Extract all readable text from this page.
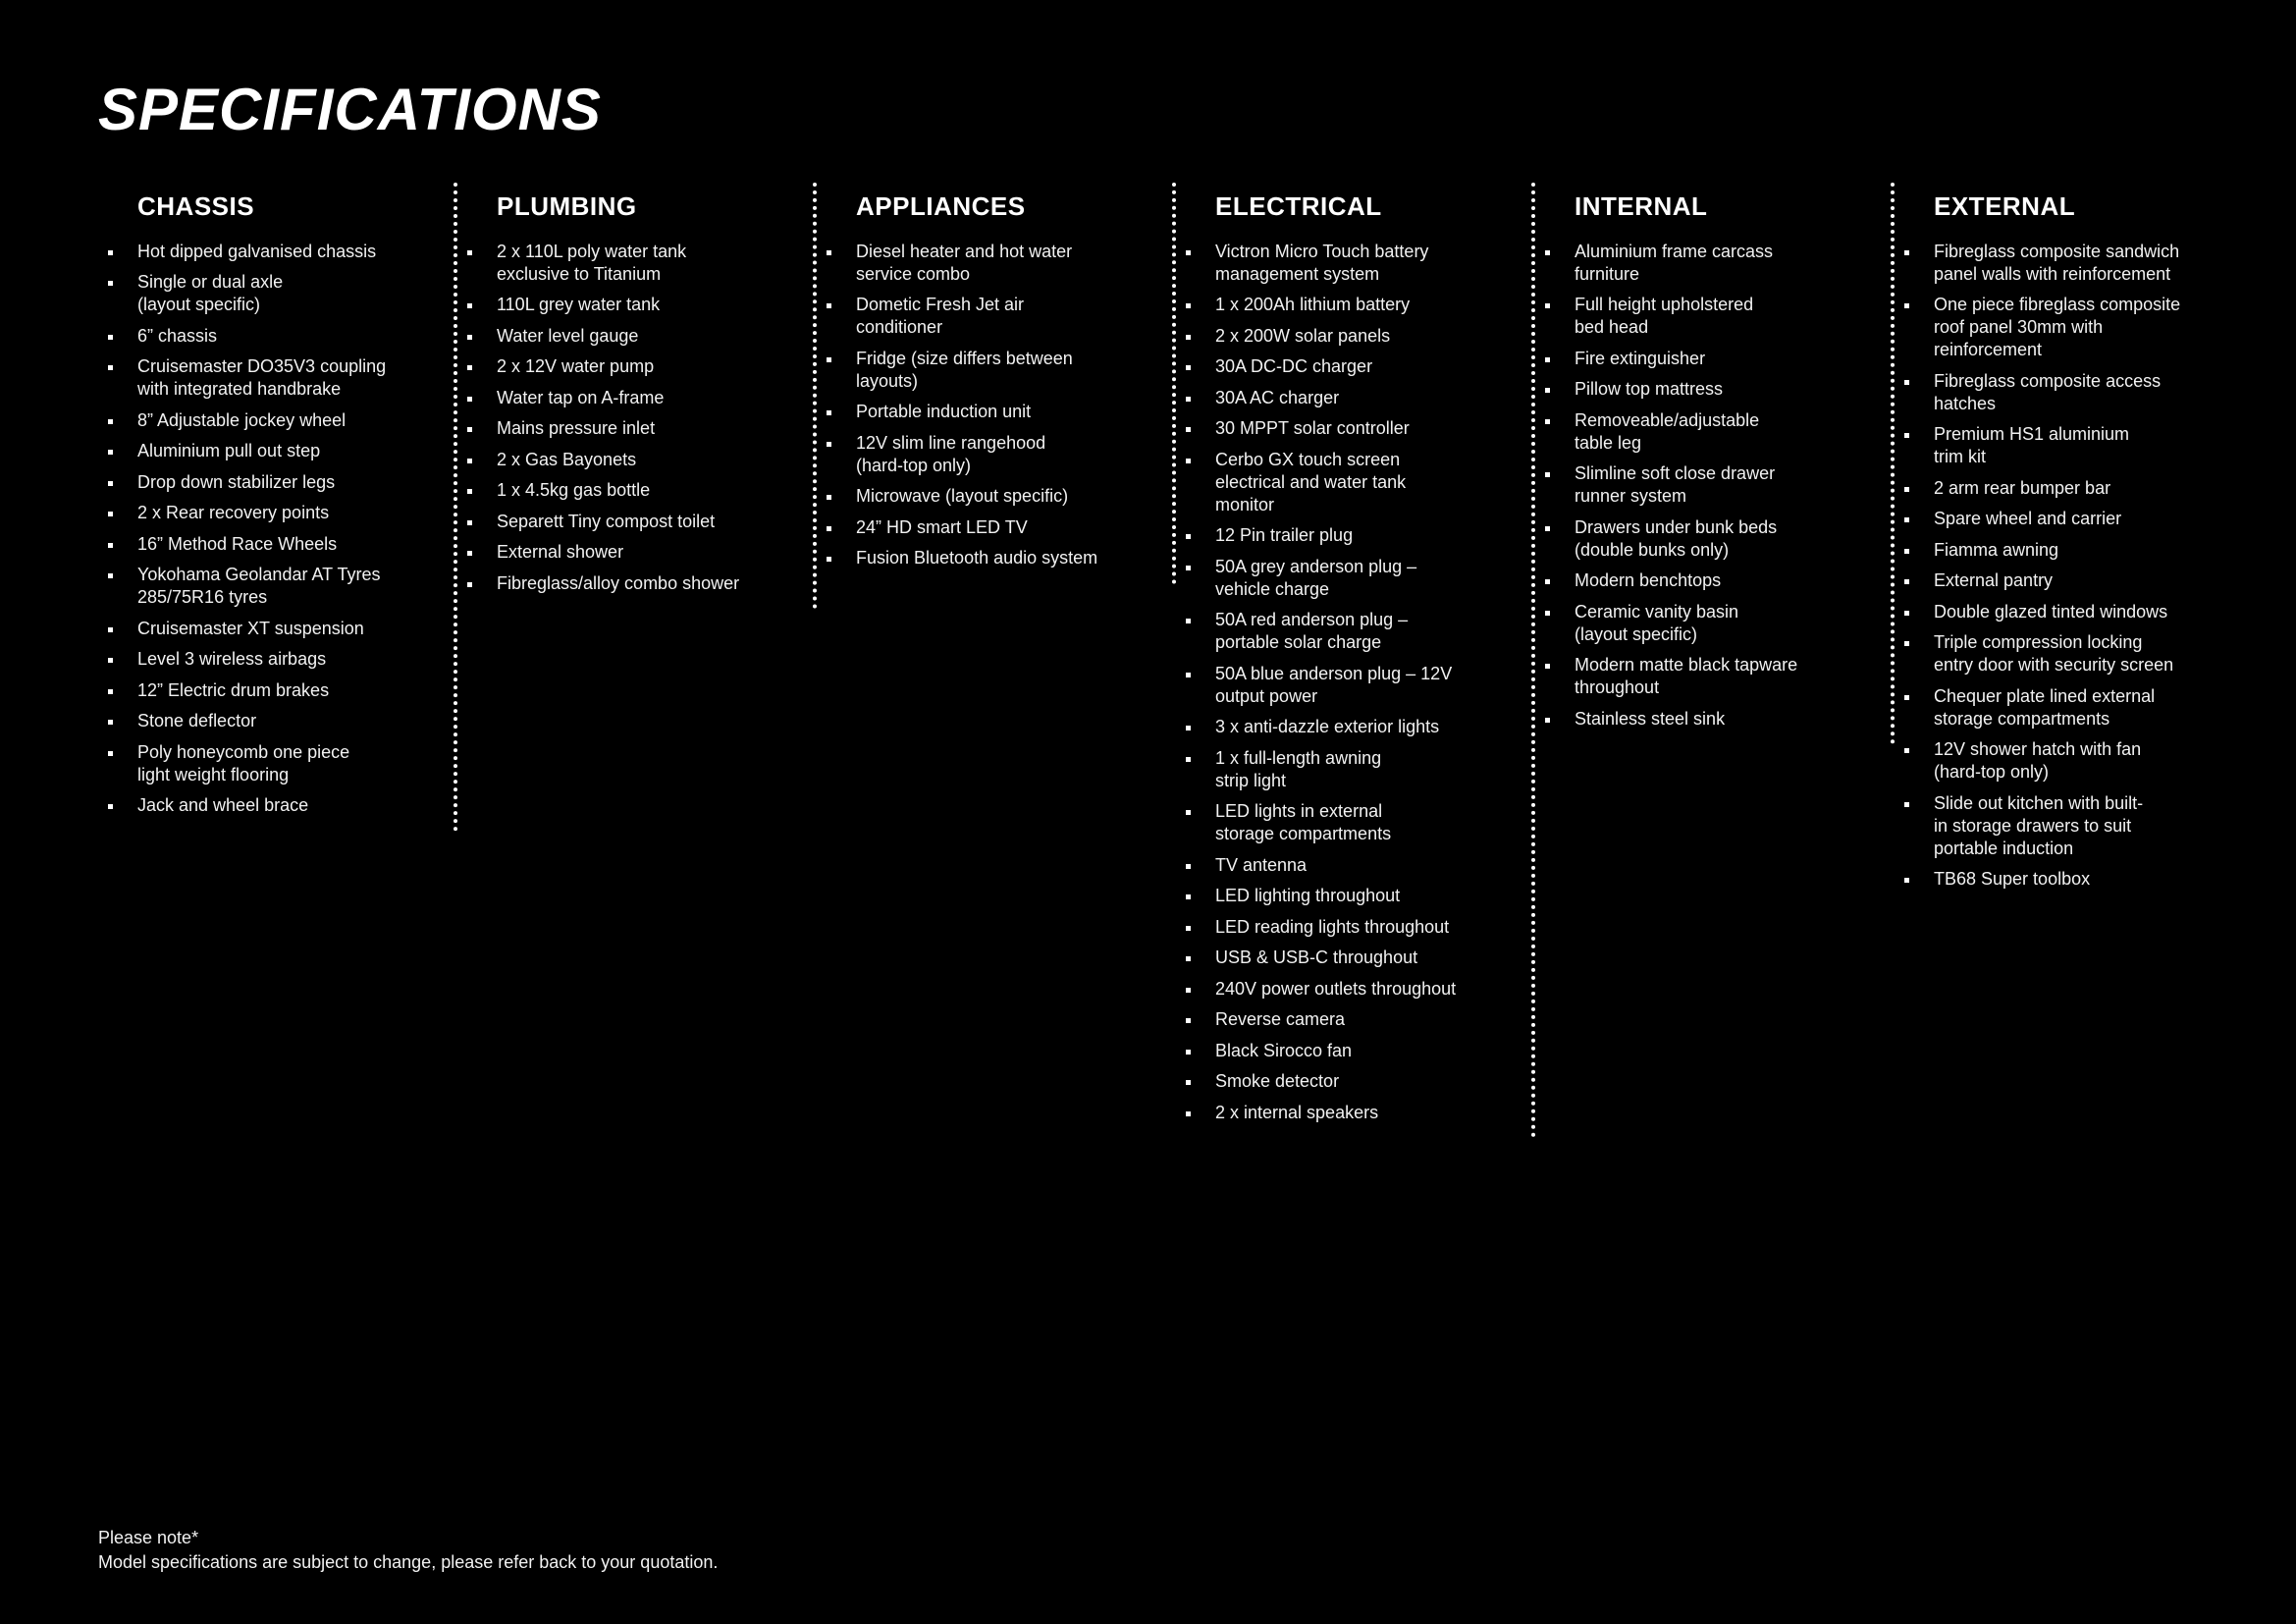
SPECIFICATIONS
CHASSIS
Hot dipped galvanised chassis
Single or dual axle
(layout specific)
6” chassis
Cruisemaster DO35V3 coupling
with integrated handbrake
8” Adjustable jockey wheel
Aluminium pull out step
Drop down stabilizer legs
2 x Rear recovery points
16” Method Race Wheels
Yokohama Geolandar AT Tyres
285/75R16 tyres
Cruisemaster XT suspension
Level 3 wireless airbags
12” Electric drum brakes
Stone deflector
Poly honeycomb one piece
light weight flooring
Jack and wheel brace
PLUMBING
2 x 110L poly water tank
exclusive to Titanium
110L grey water tank
Water level gauge
2 x 12V water pump
Water tap on A-frame
Mains pressure inlet
2 x Gas Bayonets
1 x 4.5kg gas bottle
Separett Tiny compost toilet
External shower
Fibreglass/alloy combo shower
APPLIANCES
Diesel heater and hot water
service combo
Dometic Fresh Jet air
conditioner
Fridge (size differs between
layouts)
Portable induction unit
12V slim line rangehood
(hard-top only)
Microwave (layout specific)
24” HD smart LED TV
Fusion Bluetooth audio system
ELECTRICAL
Victron Micro Touch battery
management system
1 x 200Ah lithium battery
2 x 200W solar panels
30A DC-DC charger
30A AC charger
30 MPPT solar controller
Cerbo GX touch screen
electrical and water tank
monitor
12 Pin trailer plug
50A grey anderson plug –
vehicle charge
50A red anderson plug –
portable solar charge
50A blue anderson plug – 12V
output power
3 x anti-dazzle exterior lights
1 x full-length awning
strip light
LED lights in external
storage compartments
TV antenna
LED lighting throughout
LED reading lights throughout
USB & USB-C throughout
240V power outlets throughout
Reverse camera
Black Sirocco fan
Smoke detector
2 x internal speakers
INTERNAL
Aluminium frame carcass
furniture
Full height upholstered
bed head
Fire extinguisher
Pillow top mattress
Removeable/adjustable
table leg
Slimline soft close drawer
runner system
Drawers under bunk beds
(double bunks only)
Modern benchtops
Ceramic vanity basin
(layout specific)
Modern matte black tapware
throughout
Stainless steel sink
EXTERNAL
Fibreglass composite sandwich
panel walls with reinforcement
One piece fibreglass composite
roof panel 30mm with
reinforcement
Fibreglass composite access
hatches
Premium HS1 aluminium
trim kit
2 arm rear bumper bar
Spare wheel and carrier
Fiamma awning
External pantry
Double glazed tinted windows
Triple compression locking
entry door with security screen
Chequer plate lined external
storage compartments
12V shower hatch with fan
(hard-top only)
Slide out kitchen with built-
in storage drawers to suit
portable induction
TB68 Super toolbox
Please note*
Model specifications are subject to change, please refer back to your quotation.
